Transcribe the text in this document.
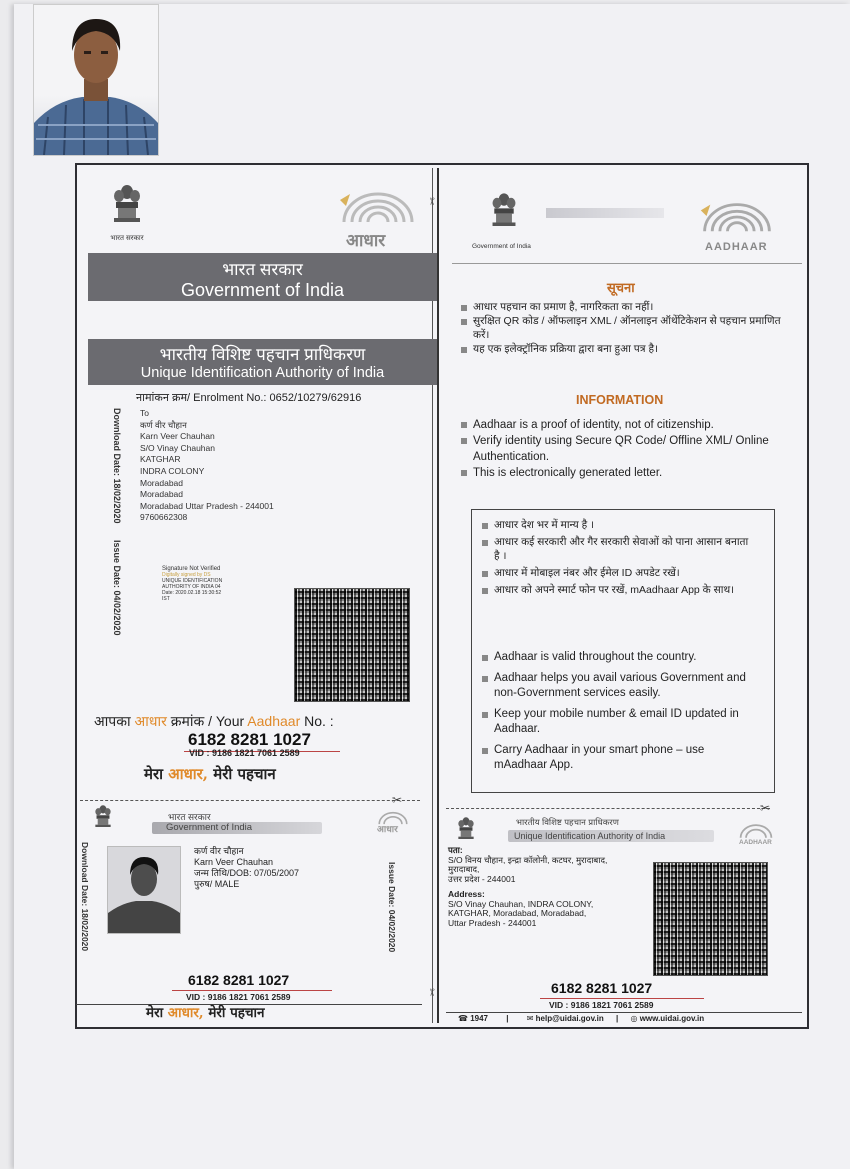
भारत सरकार	आधार
भारत सरकार
Government of India
भारतीय विशिष्ट पहचान प्राधिकरण
Unique Identification Authority of India
नामांकन क्रम/ Enrolment No.: 0652/10279/62916
Download Date: 18/02/2020
Issue Date: 04/02/2020
To
कर्ण वीर चौहान
Karn Veer Chauhan
S/O Vinay Chauhan
KATGHAR
INDRA COLONY
Moradabad
Moradabad
Moradabad Uttar Pradesh - 244001
9760662308
Signature Not Verified
Digitally signed by DS
UNIQUE IDENTIFICATION
AUTHORITY OF INDIA 04
Date: 2020.02.18 15:30:52
IST
आपका आधार क्रमांक / Your Aadhaar No. :
6182 8281 1027
VID : 9186 1821 7061 2589
मेरा आधार, मेरी पहचान
Government of India	AADHAAR
सूचना
आधार पहचान का प्रमाण है, नागरिकता का नहीं।
सुरक्षित QR कोड / ऑफलाइन XML / ऑनलाइन ऑथेंटिकेशन से पहचान प्रमाणित करें।
यह एक इलेक्ट्रॉनिक प्रक्रिया द्वारा बना हुआ पत्र है।
INFORMATION
Aadhaar is a proof of identity, not of citizenship.
Verify identity using Secure QR Code/ Offline XML/ Online Authentication.
This is electronically generated letter.
आधार देश भर में मान्य है ।
आधार कई सरकारी और गैर सरकारी सेवाओं को पाना आसान बनाता है ।
आधार में मोबाइल नंबर और ईमेल ID अपडेट रखें।
आधार को अपने स्मार्ट फोन पर रखें, mAadhaar App के साथ।
Aadhaar is valid throughout the country.
Aadhaar helps you avail various Government and non-Government services easily.
Keep your mobile number & email ID updated in Aadhaar.
Carry Aadhaar in your smart phone – use mAadhaar App.
✂
✂
✂
✂
भारत सरकार
Government of India	आधार
Download Date: 18/02/2020	Issue Date: 04/02/2020
कर्ण वीर चौहान
Karn Veer Chauhan
जन्म तिथि/DOB: 07/05/2007
पुरुष/ MALE
6182 8281 1027
VID : 9186 1821 7061 2589
मेरा आधार, मेरी पहचान
भारतीय विशिष्ट पहचान प्राधिकरण
Unique Identification Authority of India
AADHAAR
पता:
S/O विनय चौहान, इन्द्रा कॉलोनी, कटघर, मुरादाबाद,
मुरादाबाद,
उत्तर प्रदेश - 244001
Address:
S/O Vinay Chauhan, INDRA COLONY,
KATGHAR, Moradabad, Moradabad,
Uttar Pradesh - 244001
6182 8281 1027
VID : 9186 1821 7061 2589
☎ 1947 | ✉ help@uidai.gov.in | ◎ www.uidai.gov.in
